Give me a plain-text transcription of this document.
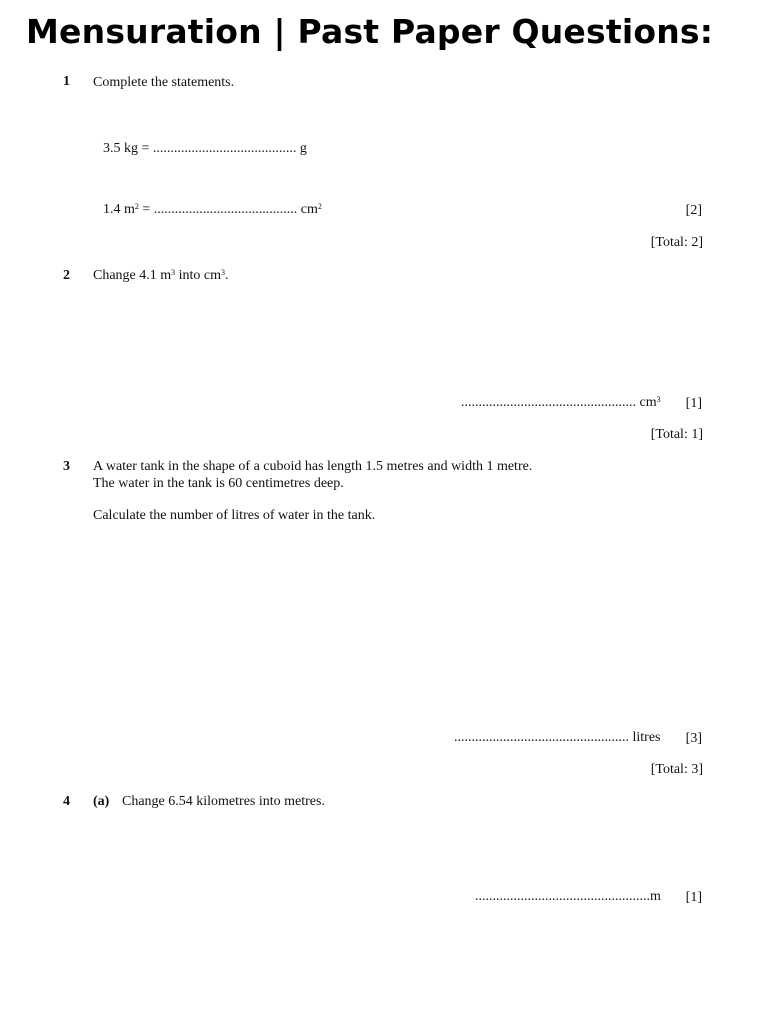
Mensuration | Past Paper Questions:
1 Complete the statements.
3.5 kg = ......................................... g
1.4 $m^2$ = ......................................... $cm^2$	[2]
[Total: 2]
2 Change 4.1 $m^3$ into $cm^3$.
.................................................. $cm^3$ [1]
[Total: 1]
3 A water tank in the shape of a cuboid has length 1.5 metres and width 1 metre.
The water in the tank is 60 centimetres deep.
Calculate the number of litres of water in the tank.
.................................................. litres [3]
[Total: 3]
4 (a) Change 6.54 kilometres into metres.
..................................................m [1]
